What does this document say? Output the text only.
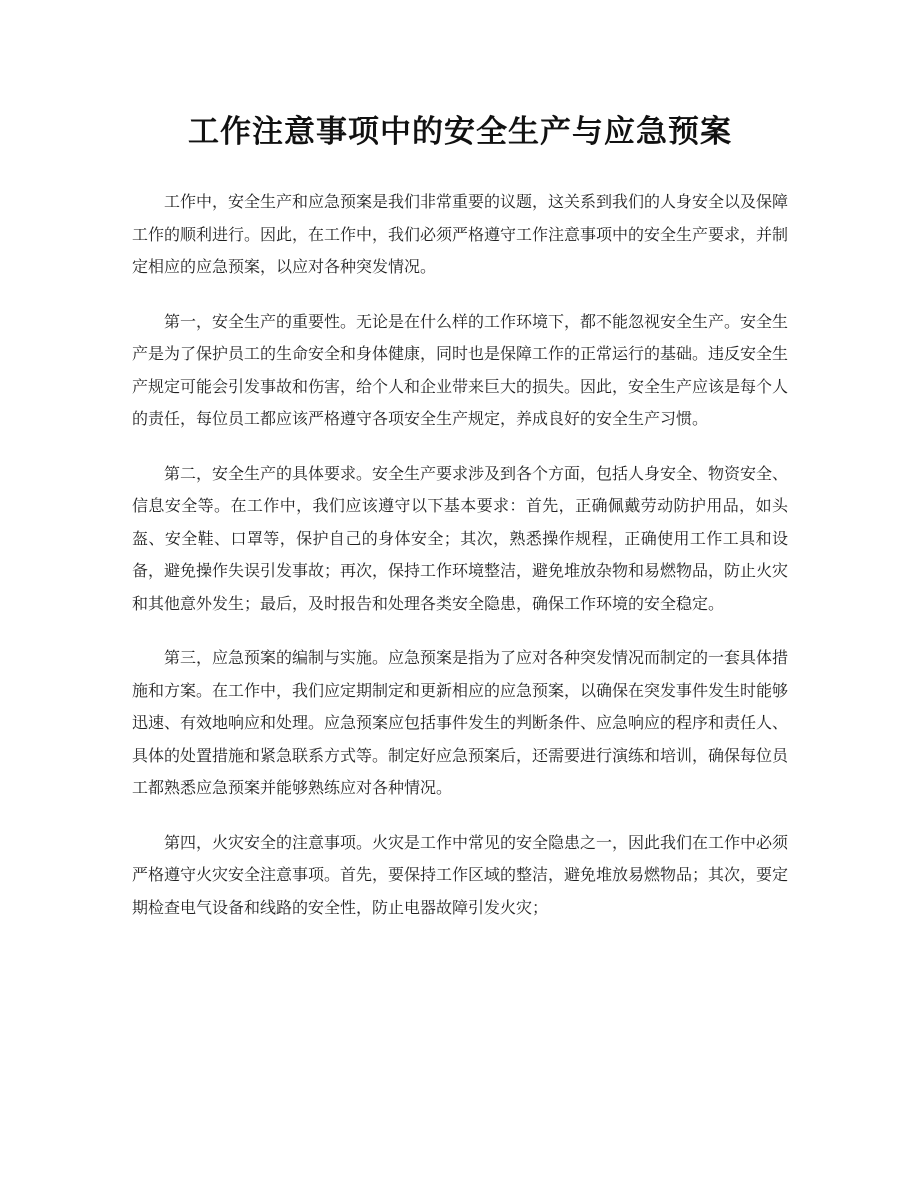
工作注意事项中的安全生产与应急预案

工作中，安全生产和应急预案是我们非常重要的议题，这关系到我们的人身安全以及保障工作的顺利进行。因此，在工作中，我们必须严格遵守工作注意事项中的安全生产要求，并制定相应的应急预案，以应对各种突发情况。

第一，安全生产的重要性。无论是在什么样的工作环境下，都不能忽视安全生产。安全生产是为了保护员工的生命安全和身体健康，同时也是保障工作的正常运行的基础。违反安全生产规定可能会引发事故和伤害，给个人和企业带来巨大的损失。因此，安全生产应该是每个人的责任，每位员工都应该严格遵守各项安全生产规定，养成良好的安全生产习惯。

第二，安全生产的具体要求。安全生产要求涉及到各个方面，包括人身安全、物资安全、信息安全等。在工作中，我们应该遵守以下基本要求：首先，正确佩戴劳动防护用品，如头盔、安全鞋、口罩等，保护自己的身体安全；其次，熟悉操作规程，正确使用工作工具和设备，避免操作失误引发事故；再次，保持工作环境整洁，避免堆放杂物和易燃物品，防止火灾和其他意外发生；最后，及时报告和处理各类安全隐患，确保工作环境的安全稳定。

第三，应急预案的编制与实施。应急预案是指为了应对各种突发情况而制定的一套具体措施和方案。在工作中，我们应定期制定和更新相应的应急预案，以确保在突发事件发生时能够迅速、有效地响应和处理。应急预案应包括事件发生的判断条件、应急响应的程序和责任人、具体的处置措施和紧急联系方式等。制定好应急预案后，还需要进行演练和培训，确保每位员工都熟悉应急预案并能够熟练应对各种情况。

第四，火灾安全的注意事项。火灾是工作中常见的安全隐患之一，因此我们在工作中必须严格遵守火灾安全注意事项。首先，要保持工作区域的整洁，避免堆放易燃物品；其次，要定期检查电气设备和线路的安全性，防止电器故障引发火灾；
